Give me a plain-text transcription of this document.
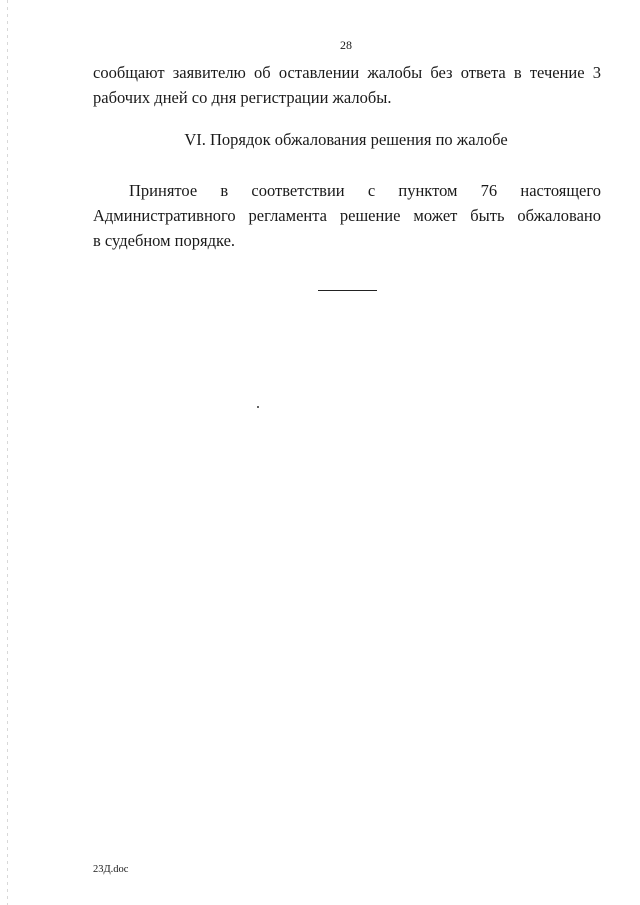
28
сообщают заявителю об оставлении жалобы без ответа в течение 3
рабочих дней со дня регистрации жалобы.
VI. Порядок обжалования решения по жалобе
Принятое в соответствии с пунктом 76 настоящего
Административного регламента решение может быть обжаловано
в судебном порядке.
23Д.doc
